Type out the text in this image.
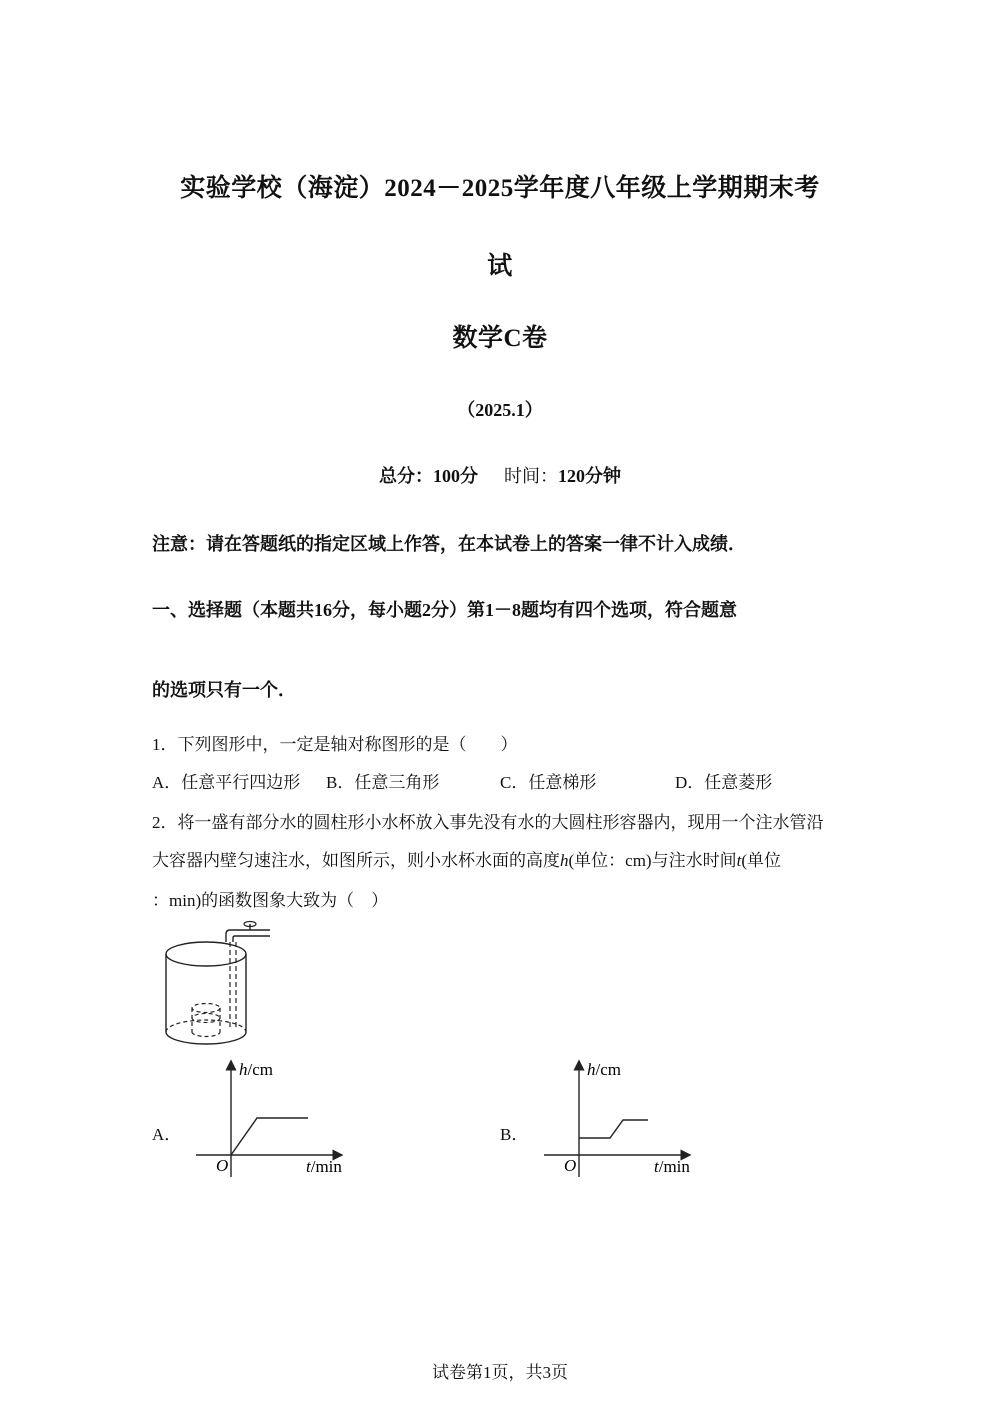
实验学校（海淀）2024－2025学年度八年级上学期期末考
试
数学C卷
（2025.1）
总分：100分 时间：120分钟
注意：请在答题纸的指定区域上作答，在本试卷上的答案一律不计入成绩．
一、选择题（本题共16分，每小题2分）第1－8题均有四个选项，符合题意
的选项只有一个．
1．下列图形中，一定是轴对称图形的是（　　）
A．任意平行四边形 B．任意三角形	C．任意梯形	D．任意菱形
2．将一盛有部分水的圆柱形小水杯放入事先没有水的大圆柱形容器内，现用一个注水管沿
大容器内壁匀速注水，如图所示，则小水杯水面的高度h(单位：cm)与注水时间t(单位
：min)的函数图象大致为（　）
A．
h/cm
t/min
O
B．
h/cm
t/min
O
试卷第1页，共3页
